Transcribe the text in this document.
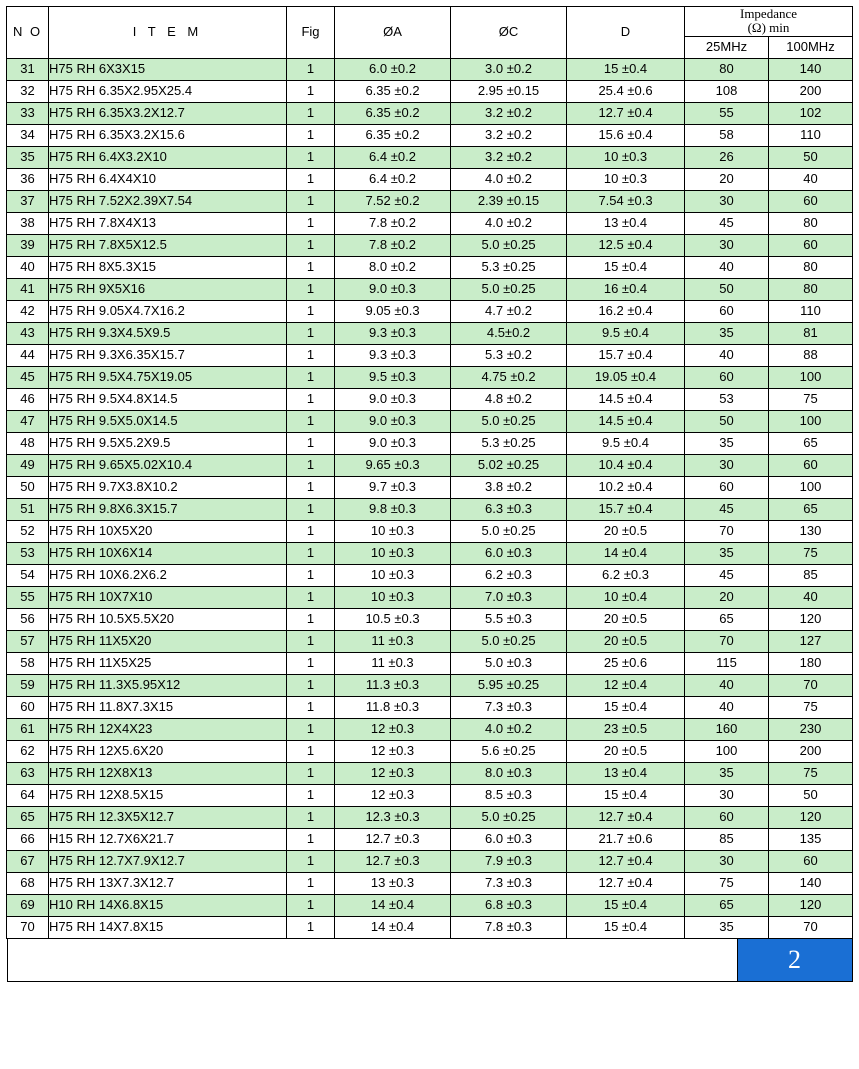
N O	I T E M	Fig	ØA	ØC	D	Impedance
(Ω) min	

						25MHz	100MHz
31	H75 RH 6X3X15	1	6.0 ±0.2	3.0 ±0.2	15 ±0.4	80	140
32	H75 RH 6.35X2.95X25.4	1	6.35 ±0.2	2.95 ±0.15	25.4 ±0.6	108	200
33	H75 RH 6.35X3.2X12.7	1	6.35 ±0.2	3.2 ±0.2	12.7 ±0.4	55	102
34	H75 RH 6.35X3.2X15.6	1	6.35 ±0.2	3.2 ±0.2	15.6 ±0.4	58	110
35	H75 RH 6.4X3.2X10	1	6.4 ±0.2	3.2 ±0.2	10 ±0.3	26	50
36	H75 RH 6.4X4X10	1	6.4 ±0.2	4.0 ±0.2	10 ±0.3	20	40
37	H75 RH 7.52X2.39X7.54	1	7.52 ±0.2	2.39 ±0.15	7.54 ±0.3	30	60
38	H75 RH 7.8X4X13	1	7.8 ±0.2	4.0 ±0.2	13 ±0.4	45	80
39	H75 RH 7.8X5X12.5	1	7.8 ±0.2	5.0 ±0.25	12.5 ±0.4	30	60
40	H75 RH 8X5.3X15	1	8.0 ±0.2	5.3 ±0.25	15 ±0.4	40	80
41	H75 RH 9X5X16	1	9.0 ±0.3	5.0 ±0.25	16 ±0.4	50	80
42	H75 RH 9.05X4.7X16.2	1	9.05 ±0.3	4.7 ±0.2	16.2 ±0.4	60	110
43	H75 RH 9.3X4.5X9.5	1	9.3 ±0.3	4.5±0.2	9.5 ±0.4	35	81
44	H75 RH 9.3X6.35X15.7	1	9.3 ±0.3	5.3 ±0.2	15.7 ±0.4	40	88
45	H75 RH 9.5X4.75X19.05	1	9.5 ±0.3	4.75 ±0.2	19.05 ±0.4	60	100
46	H75 RH 9.5X4.8X14.5	1	9.0 ±0.3	4.8 ±0.2	14.5 ±0.4	53	75
47	H75 RH 9.5X5.0X14.5	1	9.0 ±0.3	5.0 ±0.25	14.5 ±0.4	50	100
48	H75 RH 9.5X5.2X9.5	1	9.0 ±0.3	5.3 ±0.25	9.5 ±0.4	35	65
49	H75 RH 9.65X5.02X10.4	1	9.65 ±0.3	5.02 ±0.25	10.4 ±0.4	30	60
50	H75 RH 9.7X3.8X10.2	1	9.7 ±0.3	3.8 ±0.2	10.2 ±0.4	60	100
51	H75 RH 9.8X6.3X15.7	1	9.8 ±0.3	6.3 ±0.3	15.7 ±0.4	45	65
52	H75 RH 10X5X20	1	10 ±0.3	5.0 ±0.25	20 ±0.5	70	130
53	H75 RH 10X6X14	1	10 ±0.3	6.0 ±0.3	14 ±0.4	35	75
54	H75 RH 10X6.2X6.2	1	10 ±0.3	6.2 ±0.3	6.2 ±0.3	45	85
55	H75 RH 10X7X10	1	10 ±0.3	7.0 ±0.3	10 ±0.4	20	40
56	H75 RH 10.5X5.5X20	1	10.5 ±0.3	5.5 ±0.3	20 ±0.5	65	120
57	H75 RH 11X5X20	1	11 ±0.3	5.0 ±0.25	20 ±0.5	70	127
58	H75 RH 11X5X25	1	11 ±0.3	5.0 ±0.3	25 ±0.6	115	180
59	H75 RH 11.3X5.95X12	1	11.3 ±0.3	5.95 ±0.25	12 ±0.4	40	70
60	H75 RH 11.8X7.3X15	1	11.8 ±0.3	7.3 ±0.3	15 ±0.4	40	75
61	H75 RH 12X4X23	1	12 ±0.3	4.0 ±0.2	23 ±0.5	160	230
62	H75 RH 12X5.6X20	1	12 ±0.3	5.6 ±0.25	20 ±0.5	100	200
63	H75 RH 12X8X13	1	12 ±0.3	8.0 ±0.3	13 ±0.4	35	75
64	H75 RH 12X8.5X15	1	12 ±0.3	8.5 ±0.3	15 ±0.4	30	50
65	H75 RH 12.3X5X12.7	1	12.3 ±0.3	5.0 ±0.25	12.7 ±0.4	60	120
66	H15 RH 12.7X6X21.7	1	12.7 ±0.3	6.0 ±0.3	21.7 ±0.6	85	135
67	H75 RH 12.7X7.9X12.7	1	12.7 ±0.3	7.9 ±0.3	12.7 ±0.4	30	60
68	H75 RH 13X7.3X12.7	1	13 ±0.3	7.3 ±0.3	12.7 ±0.4	75	140
69	H10 RH 14X6.8X15	1	14 ±0.4	6.8 ±0.3	15 ±0.4	65	120
70	H75 RH 14X7.8X15	1	14 ±0.4	7.8 ±0.3	15 ±0.4	35	70
2
